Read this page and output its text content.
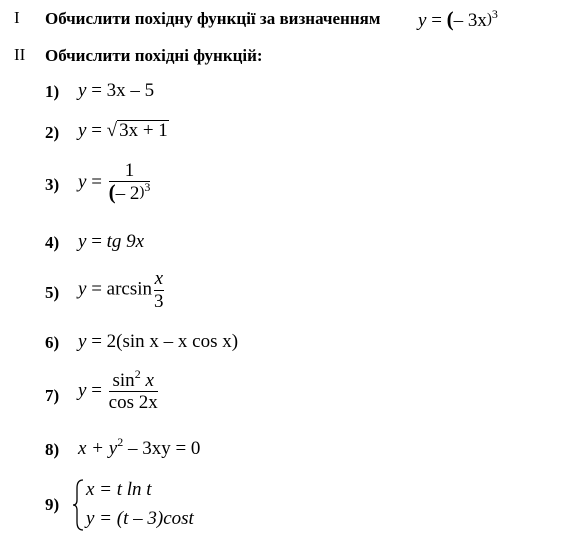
I Обчислити похідну функції за визначенням y = (– 3x)$^3$
II Обчислити похідні функцій:
1) y = 3x – 5
2) y = √ 3x + 1
3) $y = \frac{1}{(- 2)^3}$
4) y = tg 9x
5) $y = \arcsin \frac{x}{3}$
6) y = 2(sin x – x cos x)
7) $y = \frac{\sin^2 x}{\cos 2x}$
8) $x + y^2 - 3xy = 0$
9)
x = t ln t
y = (t – 3)cost
